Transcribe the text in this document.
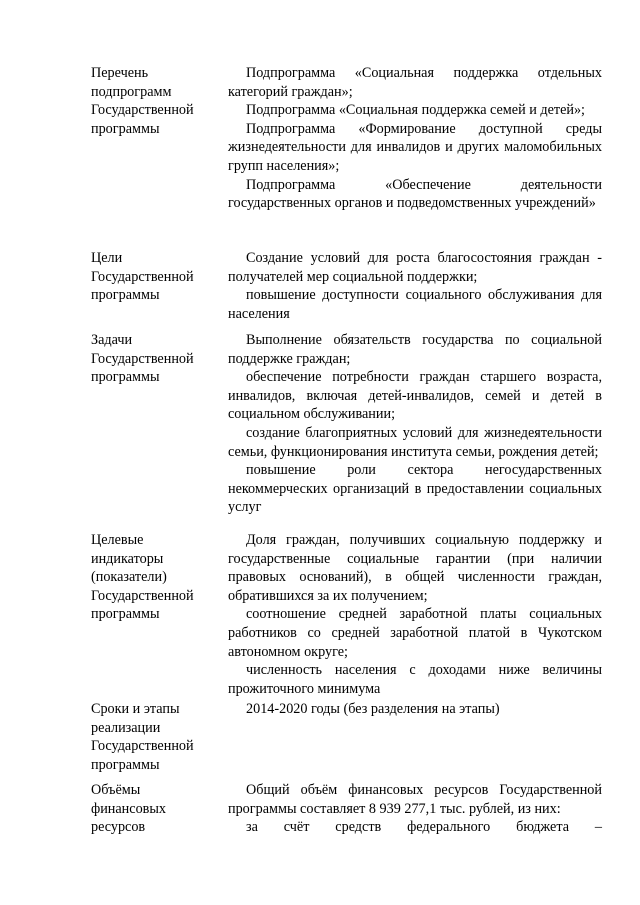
Перечень
подпрограмм
Государственной
программы

Подпрограмма «Социальная поддержка отдельных категорий граждан»;

Подпрограмма «Социальная поддержка семей и детей»;

Подпрограмма «Формирование доступной среды жизнедеятельности для инвалидов и других маломобильных групп населения»;

Подпрограмма «Обеспечение деятельности государственных органов и подведомственных учреждений»

Цели
Государственной
программы

Создание условий для роста благосостояния граждан - получателей мер социальной поддержки;

повышение доступности социального обслуживания для населения

Задачи
Государственной
программы

Выполнение обязательств государства по социальной поддержке граждан;

обеспечение потребности граждан старшего возраста, инвалидов, включая детей-инвалидов, семей и детей в социальном обслуживании;

создание благоприятных условий для жизнедеятельности семьи, функционирования института семьи, рождения детей;

повышение роли сектора негосударственных некоммерческих организаций в предоставлении социальных услуг

Целевые
индикаторы
(показатели)
Государственной
программы

Доля граждан, получивших социальную поддержку и государственные социальные гарантии (при наличии правовых оснований), в общей численности граждан, обратившихся за их получением;

соотношение средней заработной платы социальных работников со средней заработной платой в Чукотском автономном округе;

численность населения с доходами ниже величины прожиточного минимума

Сроки и этапы
реализации
Государственной
программы

2014-2020 годы (без разделения на этапы)

Объёмы
финансовых
ресурсов

Общий объём финансовых ресурсов Государственной программы составляет 8 939 277,1 тыс. рублей, из них:

за счёт средств федерального бюджета –
